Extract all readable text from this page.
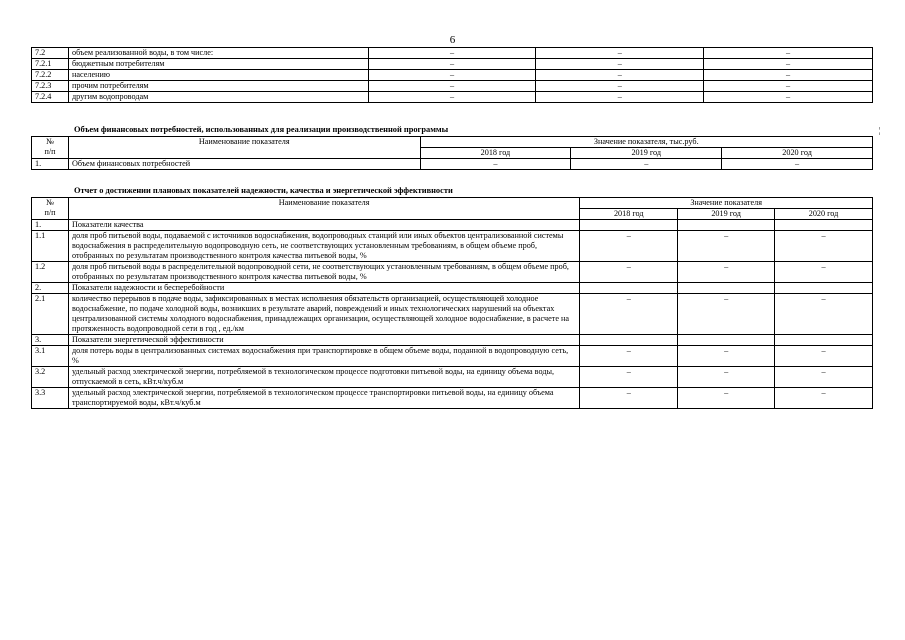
6
7.2	объем реализованной воды, в том числе:	–	–	–
7.2.1	бюджетным потребителям	–	–	–
7.2.2	населению	–	–	–
7.2.3	прочим потребителям	–	–	–
7.2.4	другим водопроводам	–	–	–
Объем финансовых потребностей, использованных для реализации производственной программы	¦
№
п/п	Наименование показателя	Значение показателя, тыс.руб.		
		2018 год	2019 год	2020 год
1.	Объем финансовых потребностей	–	–	–
Отчет о достижении плановых показателей надежности, качества и энергетической эффективности
№
п/п	Наименование показателя	Значение показателя		
		2018 год	2019 год	2020 год
1.	Показатели качества			
1.1	доля проб питьевой воды, подаваемой с источников водоснабжения, водопроводных станций или иных объектов централизованной системы водоснабжения в распределительную водопроводную сеть, не соответствующих установленным требованиям, в общем объеме проб, отобранных по результатам производственного контроля качества питьевой воды, %	–	–	–
1.2	доля проб питьевой воды в распределительной водопроводной сети, не соответствующих установленным требованиям, в общем объеме проб, отобранных по результатам производственного контроля качества питьевой воды, %	–	–	–
2.	Показатели надежности и бесперебойности			
2.1	количество перерывов в подаче воды, зафиксированных в местах исполнения обязательств организацией, осуществляющей холодное водоснабжение, по подаче холодной воды, возникших в результате аварий, повреждений и иных технологических нарушений на объектах централизованной системы холодного водоснабжения, принадлежащих организации, осуществляющей холодное водоснабжение, в расчете на протяженность водопроводной сети в год , ед./км	–	–	–
3.	Показатели энергетической эффективности			
3.1	доля потерь воды в централизованных системах водоснабжения при транспортировке в общем объеме воды, поданной в водопроводную сеть, %	–	–	–
3.2	удельный расход электрической энергии, потребляемой в технологическом процессе подготовки питьевой воды, на единицу объема воды, отпускаемой в сеть, кВт.ч/куб.м	–	–	–
3.3	удельный расход электрической энергии, потребляемой в технологическом процессе транспортировки питьевой воды, на единицу объема транспортируемой воды, кВт.ч/куб.м	–	–	–
